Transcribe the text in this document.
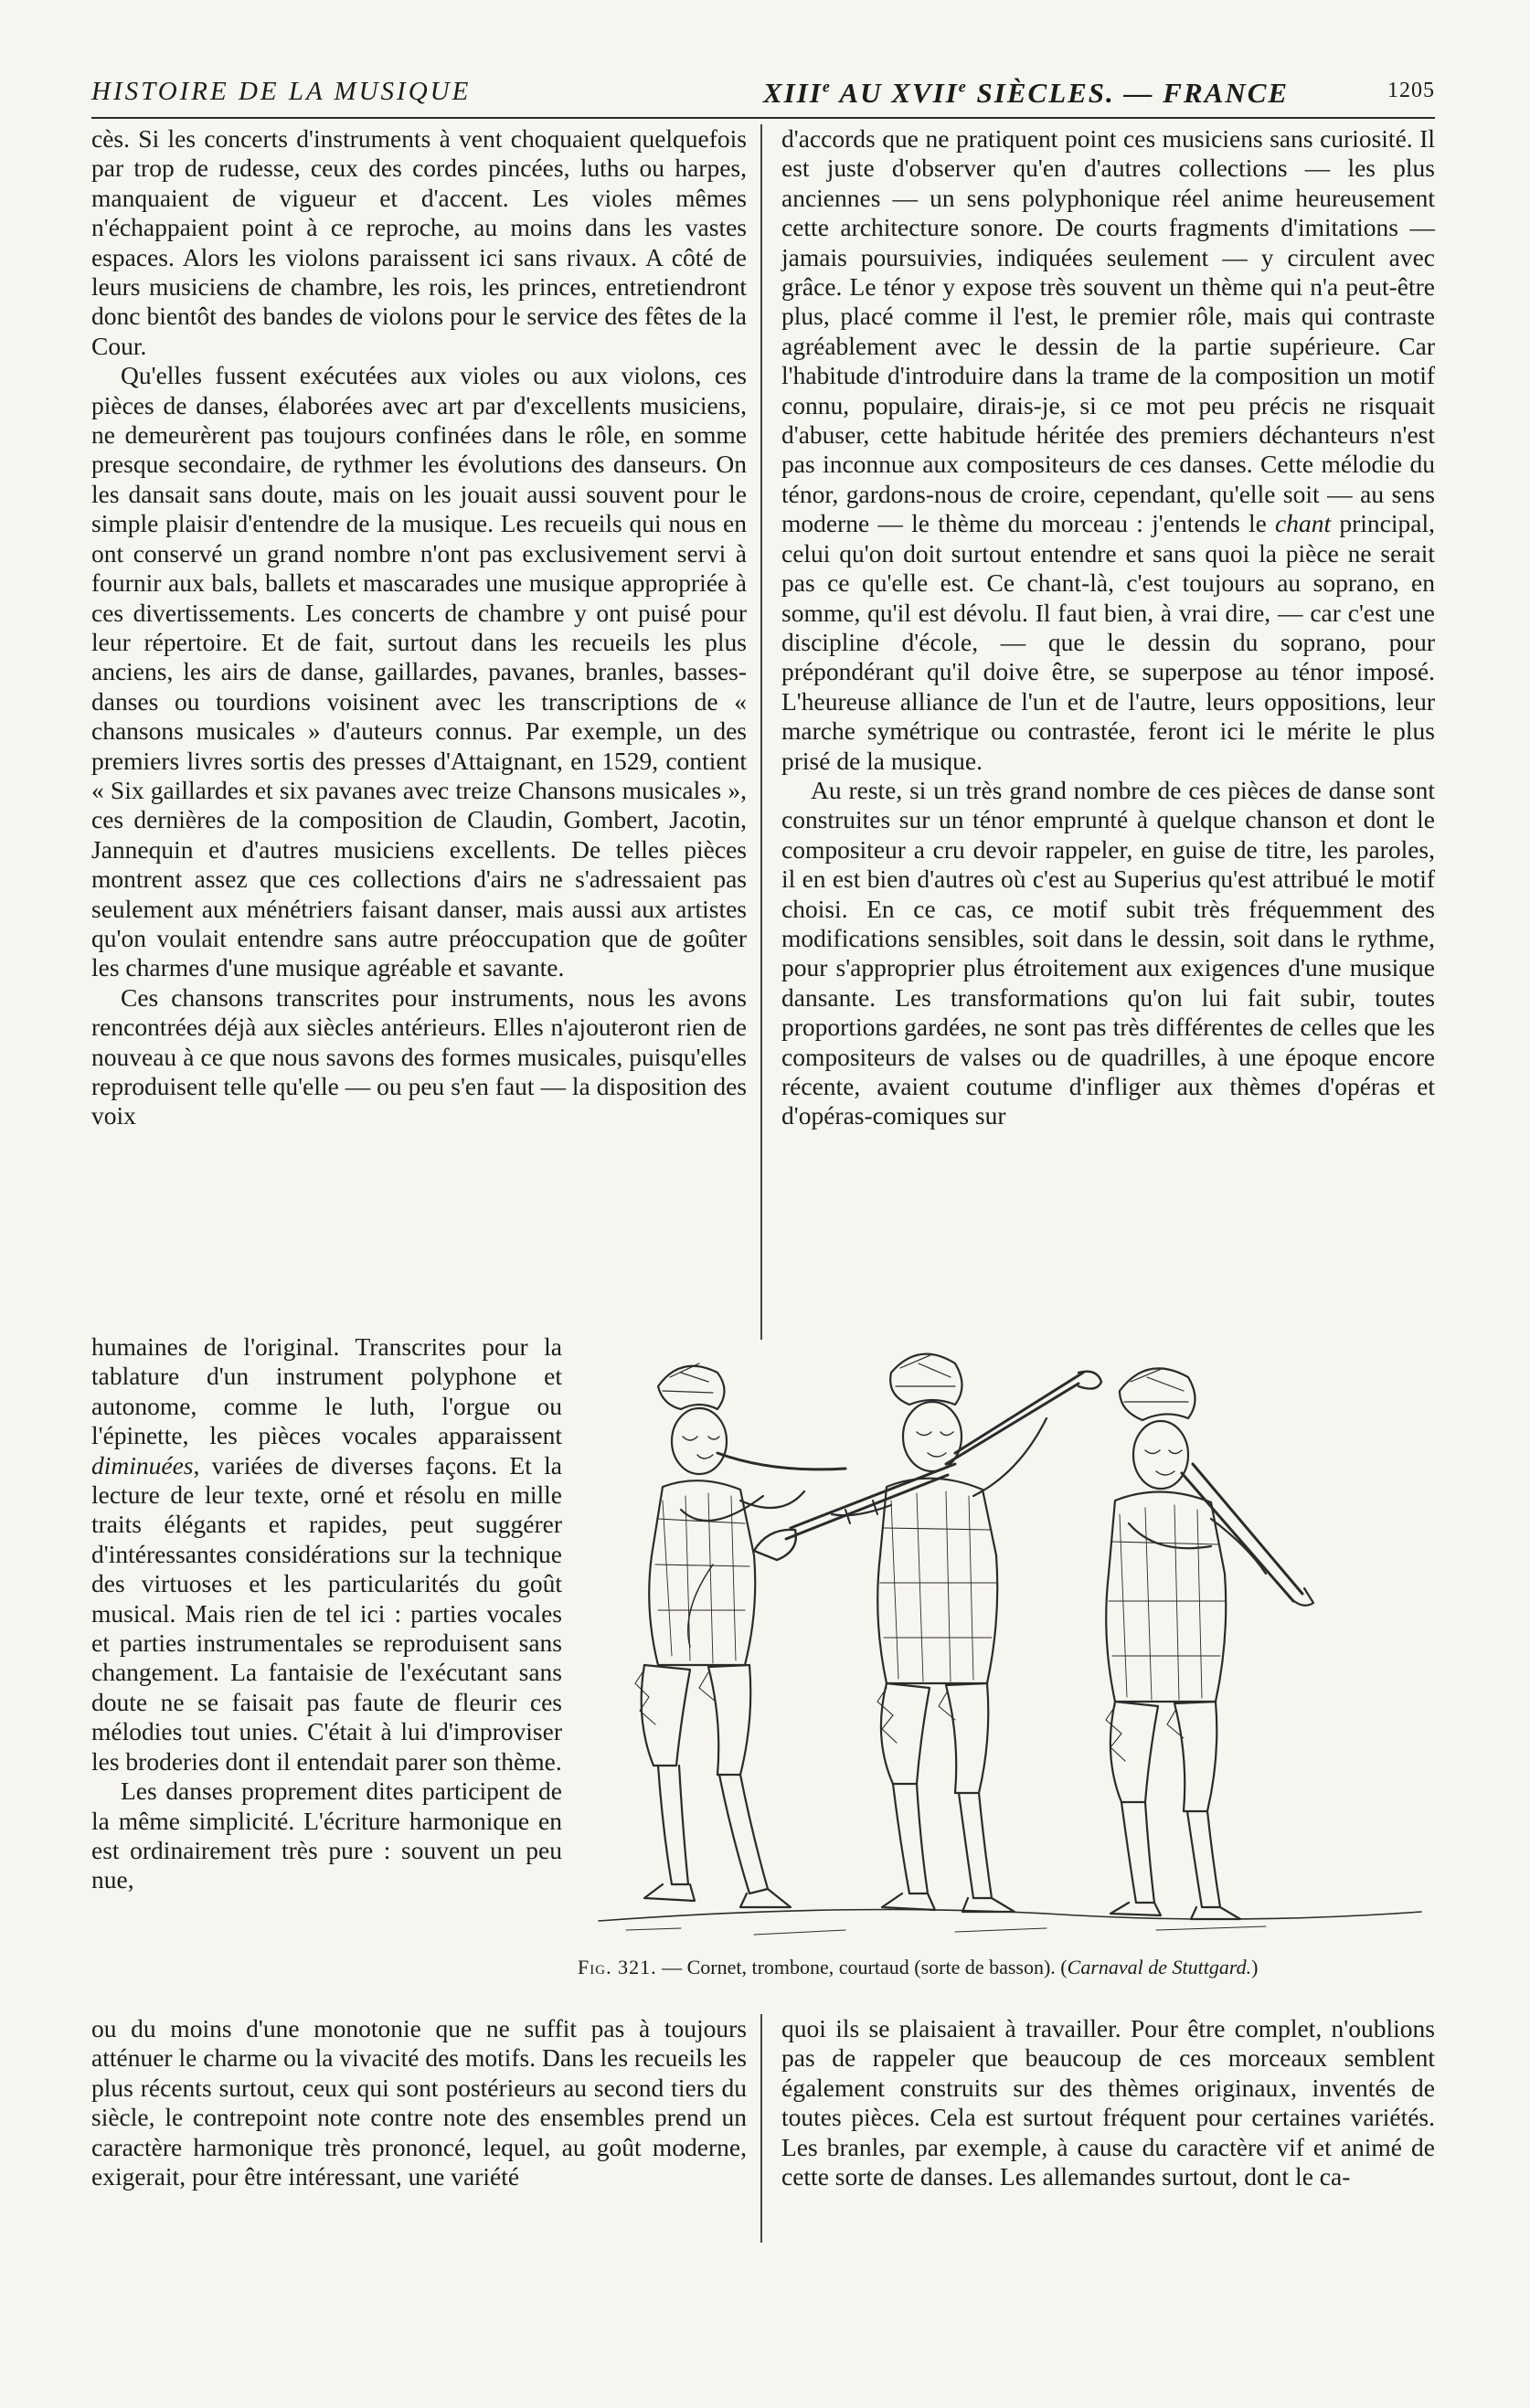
HISTOIRE DE LA MUSIQUE	XIIIe AU XVIIe SIÈCLES. — FRANCE	1205

cès. Si les concerts d'instruments à vent choquaient quelquefois par trop de rudesse, ceux des cordes pincées, luths ou harpes, manquaient de vigueur et d'accent. Les violes mêmes n'échappaient point à ce reproche, au moins dans les vastes espaces. Alors les violons paraissent ici sans rivaux. A côté de leurs musiciens de chambre, les rois, les princes, entretiendront donc bientôt des bandes de violons pour le service des fêtes de la Cour.

Qu'elles fussent exécutées aux violes ou aux violons, ces pièces de danses, élaborées avec art par d'excellents musiciens, ne demeurèrent pas toujours confinées dans le rôle, en somme presque secondaire, de rythmer les évolutions des danseurs. On les dansait sans doute, mais on les jouait aussi souvent pour le simple plaisir d'entendre de la musique. Les recueils qui nous en ont conservé un grand nombre n'ont pas exclusivement servi à fournir aux bals, ballets et mascarades une musique appropriée à ces divertissements. Les concerts de chambre y ont puisé pour leur répertoire. Et de fait, surtout dans les recueils les plus anciens, les airs de danse, gaillardes, pavanes, branles, basses-danses ou tourdions voisinent avec les transcriptions de « chansons musicales » d'auteurs connus. Par exemple, un des premiers livres sortis des presses d'Attaignant, en 1529, contient « Six gaillardes et six pavanes avec treize Chansons musicales », ces dernières de la composition de Claudin, Gombert, Jacotin, Jannequin et d'autres musiciens excellents. De telles pièces montrent assez que ces collections d'airs ne s'adressaient pas seulement aux ménétriers faisant danser, mais aussi aux artistes qu'on voulait entendre sans autre préoccupation que de goûter les charmes d'une musique agréable et savante.

Ces chansons transcrites pour instruments, nous les avons rencontrées déjà aux siècles antérieurs. Elles n'ajouteront rien de nouveau à ce que nous savons des formes musicales, puisqu'elles reproduisent telle qu'elle — ou peu s'en faut — la disposition des voix

humaines de l'original. Transcrites pour la tablature d'un instrument polyphone et autonome, comme le luth, l'orgue ou l'épinette, les pièces vocales apparaissent diminuées, variées de diverses façons. Et la lecture de leur texte, orné et résolu en mille traits élégants et rapides, peut suggérer d'intéressantes considérations sur la technique des virtuoses et les particularités du goût musical. Mais rien de tel ici : parties vocales et parties instrumentales se reproduisent sans changement. La fantaisie de l'exécutant sans doute ne se faisait pas faute de fleurir ces mélodies tout unies. C'était à lui d'improviser les broderies dont il entendait parer son thème.

Les danses proprement dites participent de la même simplicité. L'écriture harmonique en est ordinairement très pure : souvent un peu nue,

ou du moins d'une monotonie que ne suffit pas à toujours atténuer le charme ou la vivacité des motifs. Dans les recueils les plus récents surtout, ceux qui sont postérieurs au second tiers du siècle, le contrepoint note contre note des ensembles prend un caractère harmonique très prononcé, lequel, au goût moderne, exigerait, pour être intéressant, une variété

d'accords que ne pratiquent point ces musiciens sans curiosité. Il est juste d'observer qu'en d'autres collections — les plus anciennes — un sens polyphonique réel anime heureusement cette architecture sonore. De courts fragments d'imitations — jamais poursuivies, indiquées seulement — y circulent avec grâce. Le ténor y expose très souvent un thème qui n'a peut-être plus, placé comme il l'est, le premier rôle, mais qui contraste agréablement avec le dessin de la partie supérieure. Car l'habitude d'introduire dans la trame de la composition un motif connu, populaire, dirais-je, si ce mot peu précis ne risquait d'abuser, cette habitude héritée des premiers déchanteurs n'est pas inconnue aux compositeurs de ces danses. Cette mélodie du ténor, gardons-nous de croire, cependant, qu'elle soit — au sens moderne — le thème du morceau : j'entends le chant principal, celui qu'on doit surtout entendre et sans quoi la pièce ne serait pas ce qu'elle est. Ce chant-là, c'est toujours au soprano, en somme, qu'il est dévolu. Il faut bien, à vrai dire, — car c'est une discipline d'école, — que le dessin du soprano, pour prépondérant qu'il doive être, se superpose au ténor imposé. L'heureuse alliance de l'un et de l'autre, leurs oppositions, leur marche symétrique ou contrastée, feront ici le mérite le plus prisé de la musique.

Au reste, si un très grand nombre de ces pièces de danse sont construites sur un ténor emprunté à quelque chanson et dont le compositeur a cru devoir rappeler, en guise de titre, les paroles, il en est bien d'autres où c'est au Superius qu'est attribué le motif choisi. En ce cas, ce motif subit très fréquemment des modifications sensibles, soit dans le dessin, soit dans le rythme, pour s'approprier plus étroitement aux exigences d'une musique dansante. Les transformations qu'on lui fait subir, toutes proportions gardées, ne sont pas très différentes de celles que les compositeurs de valses ou de quadrilles, à une époque encore récente, avaient coutume d'infliger aux thèmes d'opéras et d'opéras-comiques sur

quoi ils se plaisaient à travailler. Pour être complet, n'oublions pas de rappeler que beaucoup de ces morceaux semblent également construits sur des thèmes originaux, inventés de toutes pièces. Cela est surtout fréquent pour certaines variétés. Les branles, par exemple, à cause du caractère vif et animé de cette sorte de danses. Les allemandes surtout, dont le ca-

Fig. 321. — Cornet, trombone, courtaud (sorte de basson). (Carnaval de Stuttgard.)
